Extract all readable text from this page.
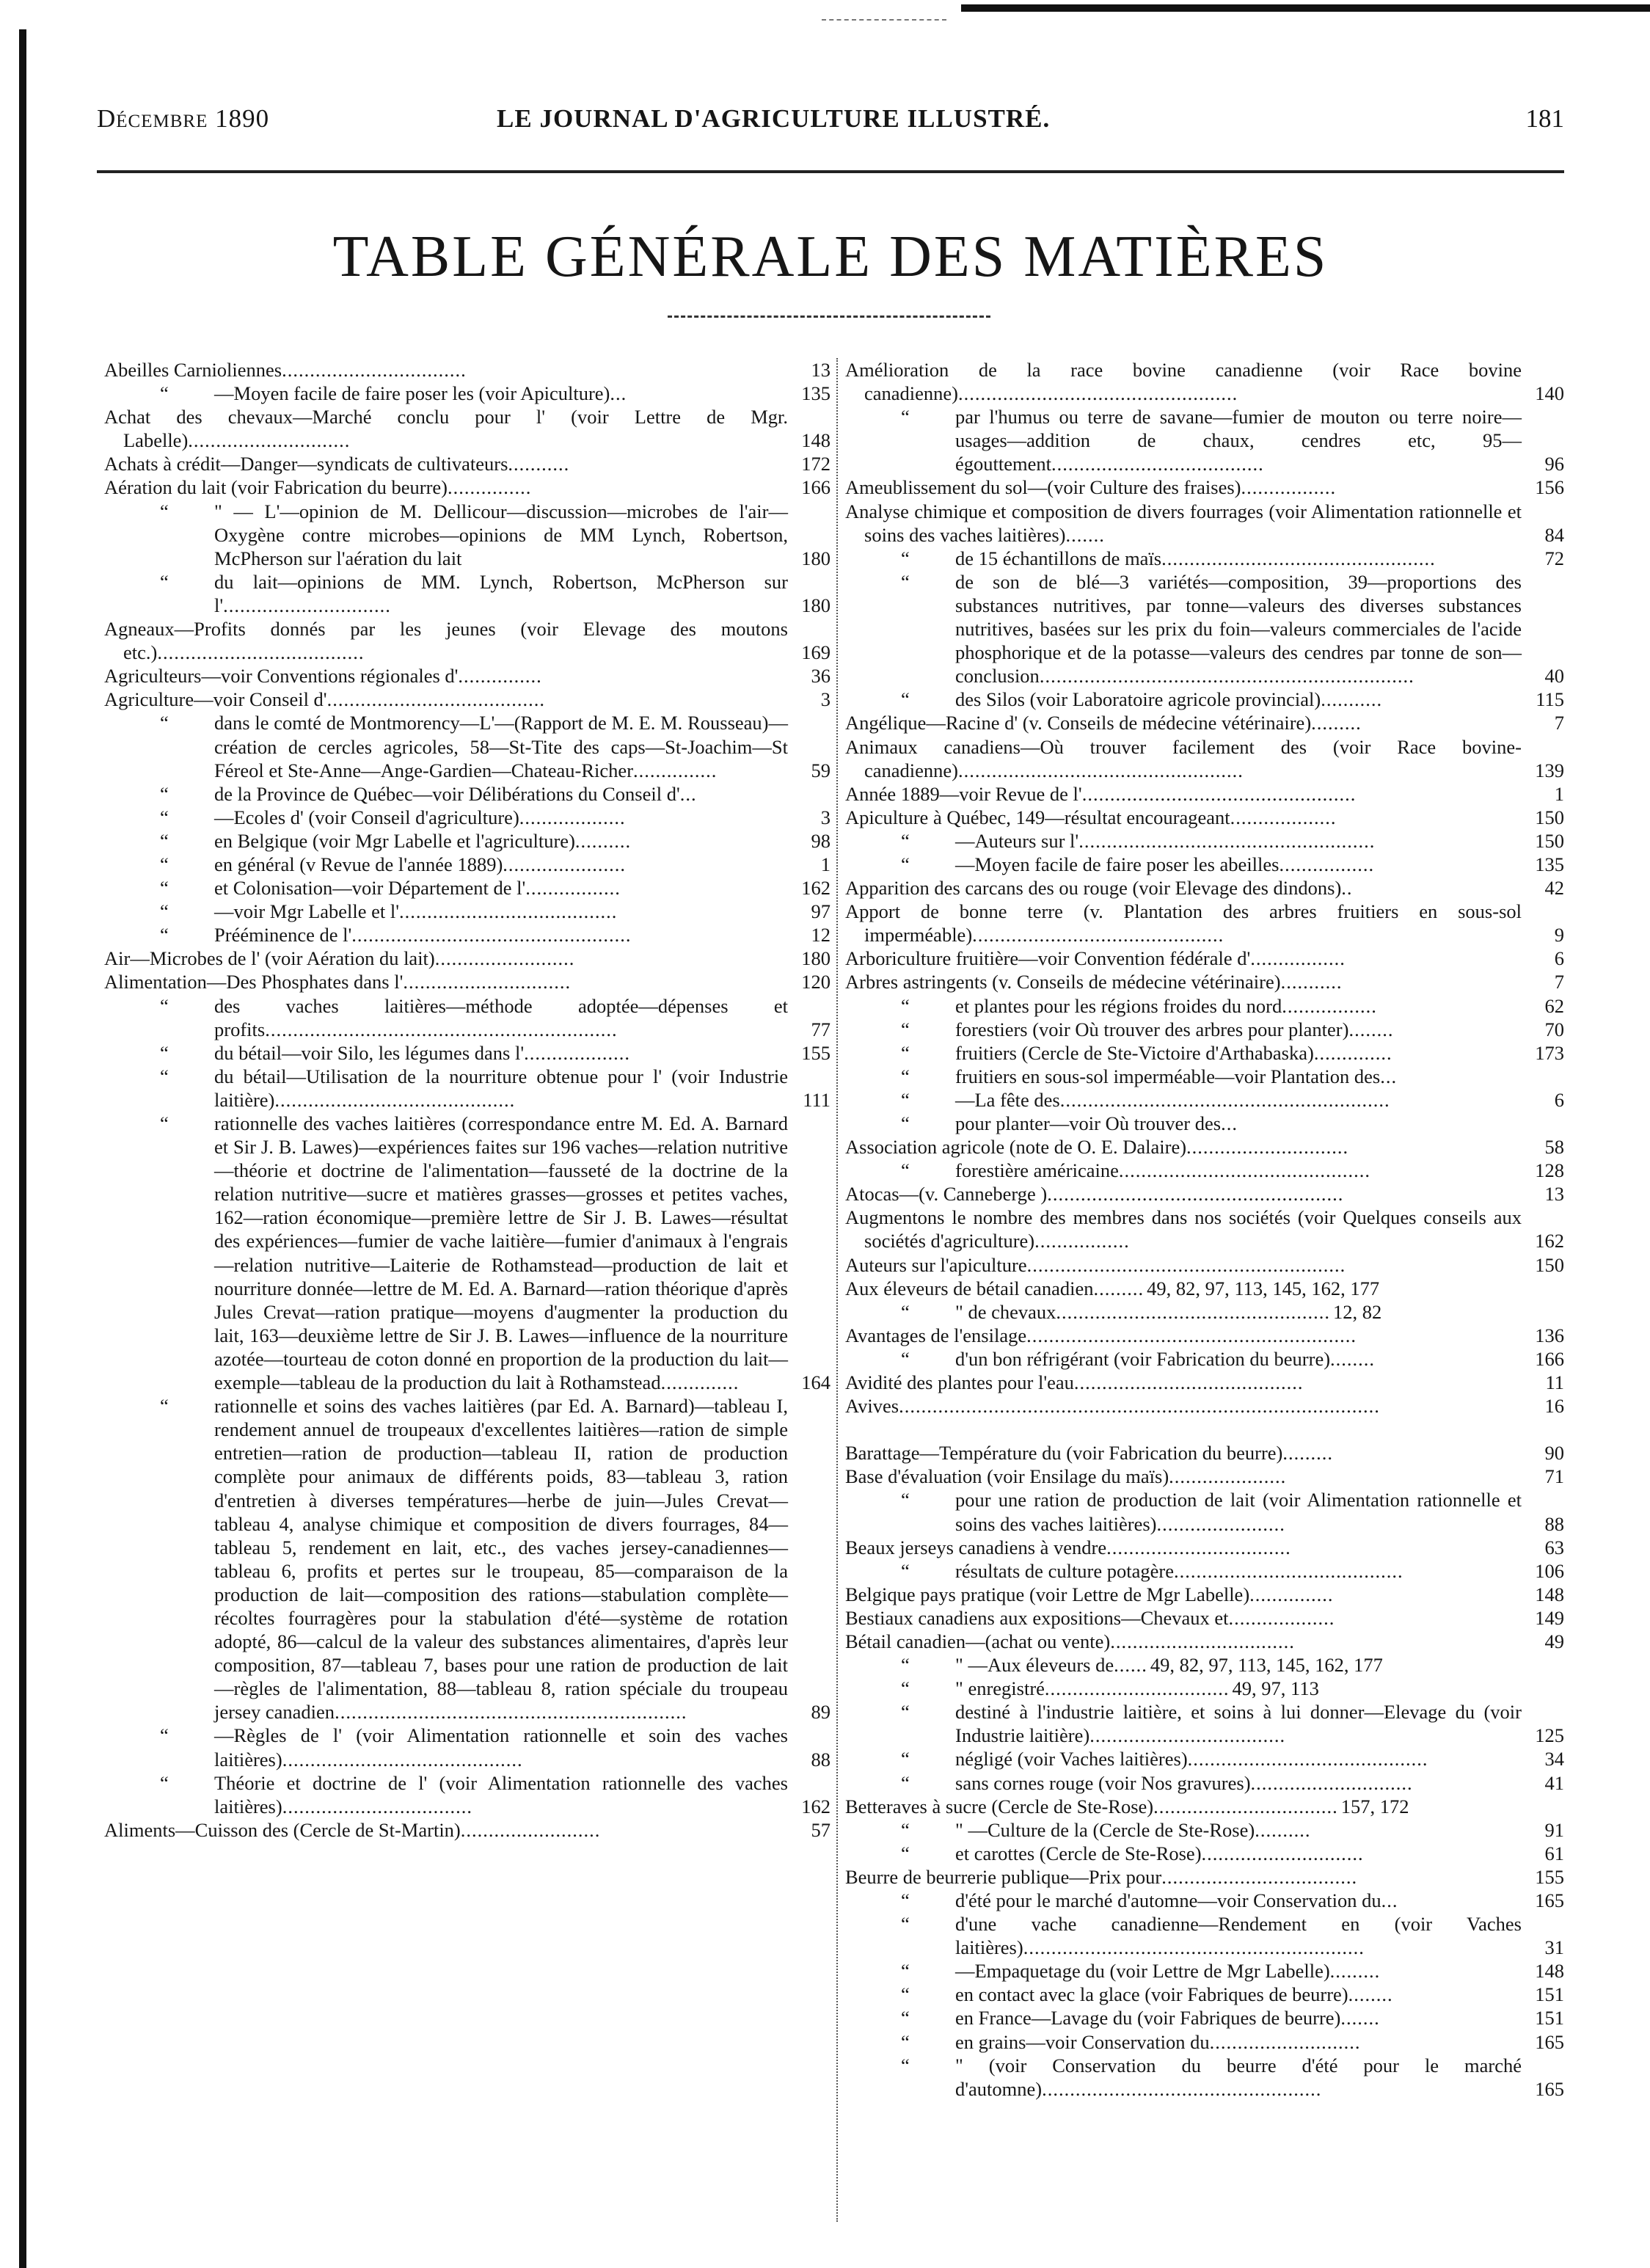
Décembre 1890	LE JOURNAL D'AGRICULTURE ILLUSTRÉ.	181
TABLE GÉNÉRALE DES MATIÈRES
Abeilles Carnioliennes.................................	13
“ —Moyen facile de faire poser les (voir Apiculture)...	135
Achat des chevaux—Marché conclu pour l' (voir Lettre de Mgr. Labelle).............................	148
Achats à crédit—Danger—syndicats de cultivateurs...........	172
Aération du lait (voir Fabrication du beurre)...............	166
“ " — L'—opinion de M. Dellicour—discussion—microbes de l'air—Oxygène contre microbes—opinions de MM Lynch, Robertson, McPherson sur l'aération du lait	180
“ du lait—opinions de MM. Lynch, Robertson, McPherson sur l'..............................	180
Agneaux—Profits donnés par les jeunes (voir Elevage des moutons etc.).....................................	169
Agriculteurs—voir Conventions régionales d'...............	36
Agriculture—voir Conseil d'.......................................	3
“ dans le comté de Montmorency—L'—(Rapport de M. E. M. Rousseau)—création de cercles agricoles, 58—St-Tite des caps—St-Joachim—St Féreol et Ste-Anne—Ange-Gardien—Chateau-Richer...............	59
“ de la Province de Québec—voir Délibérations du Conseil d'...
“ —Ecoles d' (voir Conseil d'agriculture)...................	3
“ en Belgique (voir Mgr Labelle et l'agriculture)..........	98
“ en général (v Revue de l'année 1889)......................	1
“ et Colonisation—voir Département de l'.................	162
“ —voir Mgr Labelle et l'.......................................	97
“ Prééminence de l'..................................................	12
Air—Microbes de l' (voir Aération du lait).........................	180
Alimentation—Des Phosphates dans l'..............................	120
“ des vaches laitières—méthode adoptée—dépenses et profits...............................................................	77
“ du bétail—voir Silo, les légumes dans l'...................	155
“ du bétail—Utilisation de la nourriture obtenue pour l' (voir Industrie laitière)...........................................	111
“ rationnelle des vaches laitières (correspondance entre M. Ed. A. Barnard et Sir J. B. Lawes)—expériences faites sur 196 vaches—relation nutritive—théorie et doctrine de l'alimentation—fausseté de la doctrine de la relation nutritive—sucre et matières grasses—grosses et petites vaches, 162—ration économique—première lettre de Sir J. B. Lawes—résultat des expériences—fumier de vache laitière—fumier d'animaux à l'engrais—relation nutritive—Laiterie de Rothamstead—production de lait et nourriture donnée—lettre de M. Ed. A. Barnard—ration théorique d'après Jules Crevat—ration pratique—moyens d'augmenter la production du lait, 163—deuxième lettre de Sir J. B. Lawes—influence de la nourriture azotée—tourteau de coton donné en proportion de la production du lait—exemple—tableau de la production du lait à Rothamstead..............	164
“ rationnelle et soins des vaches laitières (par Ed. A. Barnard)—tableau I, rendement annuel de troupeaux d'excellentes laitières—ration de simple entretien—ration de production—tableau II, ration de production complète pour animaux de différents poids, 83—tableau 3, ration d'entretien à diverses températures—herbe de juin—Jules Crevat—tableau 4, analyse chimique et composition de divers fourrages, 84—tableau 5, rendement en lait, etc., des vaches jersey-canadiennes—tableau 6, profits et pertes sur le troupeau, 85—comparaison de la production de lait—composition des rations—stabulation complète—récoltes fourragères pour la stabulation d'été—système de rotation adopté, 86—calcul de la valeur des substances alimentaires, d'après leur composition, 87—tableau 7, bases pour une ration de production de lait—règles de l'alimentation, 88—tableau 8, ration spéciale du troupeau jersey canadien...............................................................	89
“ —Règles de l' (voir Alimentation rationnelle et soin des vaches laitières)...........................................	88
“ Théorie et doctrine de l' (voir Alimentation rationnelle des vaches laitières)..................................	162
Aliments—Cuisson des (Cercle de St-Martin).........................	57
Amélioration de la race bovine canadienne (voir Race bovine canadienne)..................................................	140
“ par l'humus ou terre de savane—fumier de mouton ou terre noire—usages—addition de chaux, cendres etc, 95—égouttement......................................	96
Ameublissement du sol—(voir Culture des fraises).................	156
Analyse chimique et composition de divers fourrages (voir Alimentation rationnelle et soins des vaches laitières).......	84
“ de 15 échantillons de maïs.................................................	72
“ de son de blé—3 variétés—composition, 39—proportions des substances nutritives, par tonne—valeurs des diverses substances nutritives, basées sur les prix du foin—valeurs commerciales de l'acide phosphorique et de la potasse—valeurs des cendres par tonne de son—conclusion...................................................................	40
“ des Silos (voir Laboratoire agricole provincial)...........	115
Angélique—Racine d' (v. Conseils de médecine vétérinaire).........	7
Animaux canadiens—Où trouver facilement des (voir Race bovine-canadienne)...................................................	139
Année 1889—voir Revue de l'.................................................	1
Apiculture à Québec, 149—résultat encourageant...................	150
“ —Auteurs sur l'.....................................................	150
“ —Moyen facile de faire poser les abeilles.................	135
Apparition des carcans des ou rouge (voir Elevage des dindons)..	42
Apport de bonne terre (v. Plantation des arbres fruitiers en sous-sol imperméable).............................................	9
Arboriculture fruitière—voir Convention fédérale d'.................	6
Arbres astringents (v. Conseils de médecine vétérinaire)...........	7
“ et plantes pour les régions froides du nord.................	62
“ forestiers (voir Où trouver des arbres pour planter)........	70
“ fruitiers (Cercle de Ste-Victoire d'Arthabaska)..............	173
“ fruitiers en sous-sol imperméable—voir Plantation des...
“ —La fête des...........................................................	6
“ pour planter—voir Où trouver des...
Association agricole (note de O. E. Dalaire).............................	58
“ forestière américaine.............................................	128
Atocas—(v. Canneberge ).....................................................	13
Augmentons le nombre des membres dans nos sociétés (voir Quelques conseils aux sociétés d'agriculture).................	162
Auteurs sur l'apiculture.........................................................	150
Aux éleveurs de bétail canadien......... 49, 82, 97, 113, 145, 162, 177
“ " de chevaux................................................. 12, 82
Avantages de l'ensilage...........................................................	136
“ d'un bon réfrigérant (voir Fabrication du beurre)........	166
Avidité des plantes pour l'eau.........................................	11
Avives......................................................................................	16
Barattage—Température du (voir Fabrication du beurre).........	90
Base d'évaluation (voir Ensilage du maïs).....................	71
“ pour une ration de production de lait (voir Alimentation rationnelle et soins des vaches laitières).......................	88
Beaux jerseys canadiens à vendre.................................	63
“ résultats de culture potagère.........................................	106
Belgique pays pratique (voir Lettre de Mgr Labelle)...............	148
Bestiaux canadiens aux expositions—Chevaux et...................	149
Bétail canadien—(achat ou vente).................................	49
“ " —Aux éleveurs de...... 49, 82, 97, 113, 145, 162, 177
“ " enregistré................................. 49, 97, 113
“ destiné à l'industrie laitière, et soins à lui donner—Elevage du (voir Industrie laitière)...................................	125
“ négligé (voir Vaches laitières)...........................................	34
“ sans cornes rouge (voir Nos gravures).............................	41
Betteraves à sucre (Cercle de Ste-Rose)................................. 157, 172
“ " —Culture de la (Cercle de Ste-Rose)..........	91
“ et carottes (Cercle de Ste-Rose).............................	61
Beurre de beurrerie publique—Prix pour...................................	155
“ d'été pour le marché d'automne—voir Conservation du...	165
“ d'une vache canadienne—Rendement en (voir Vaches laitières).............................................................	31
“ —Empaquetage du (voir Lettre de Mgr Labelle).........	148
“ en contact avec la glace (voir Fabriques de beurre)........	151
“ en France—Lavage du (voir Fabriques de beurre).......	151
“ en grains—voir Conservation du...........................	165
“ " (voir Conservation du beurre d'été pour le marché d'automne)..................................................	165
